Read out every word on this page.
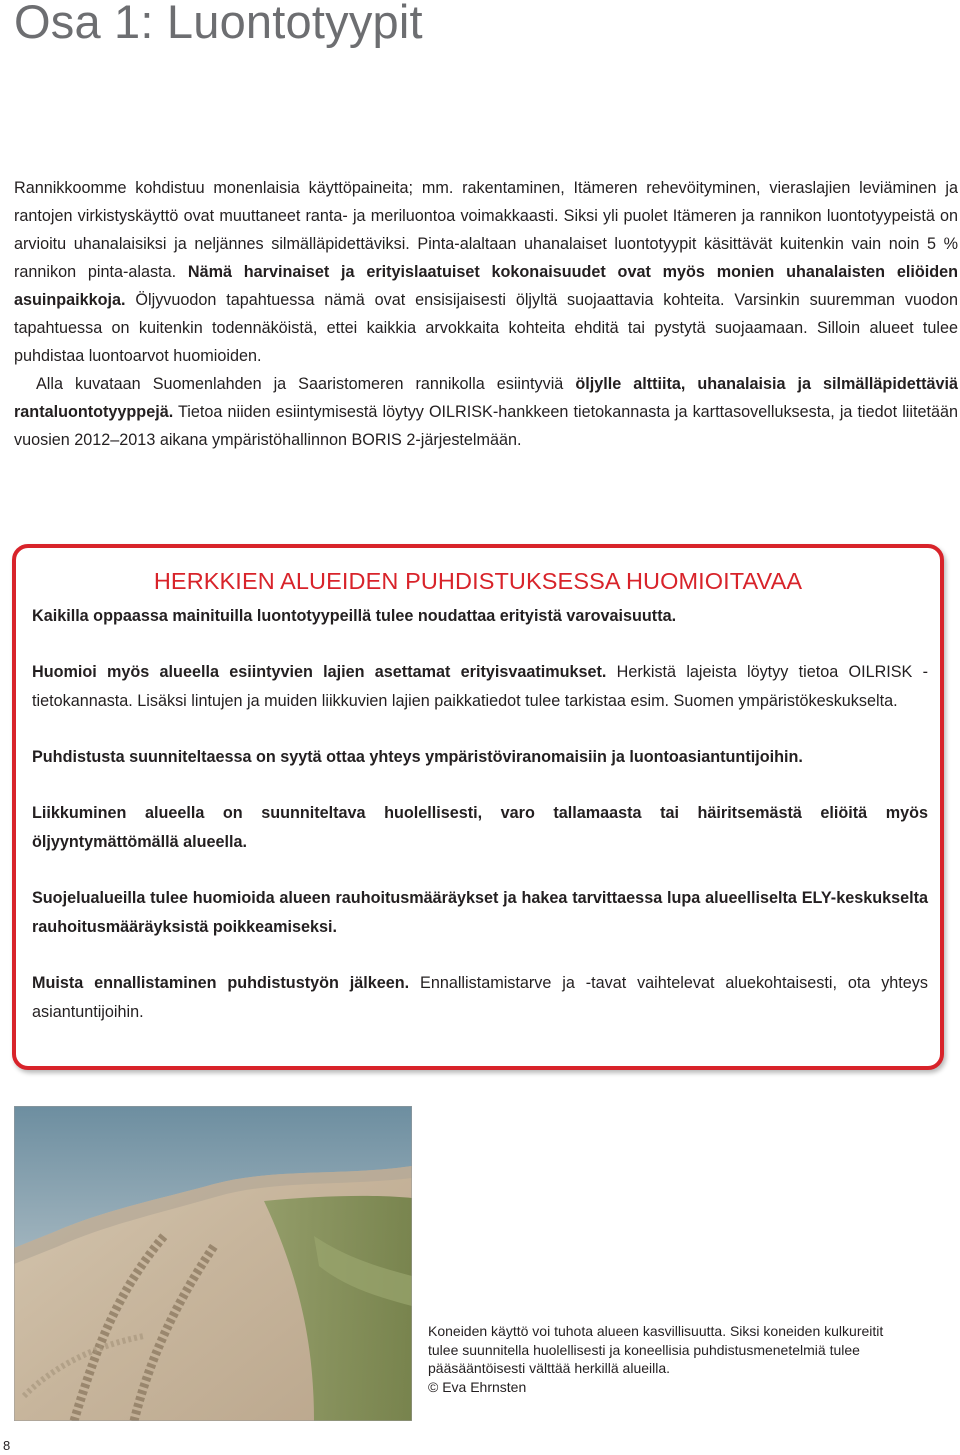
Osa 1: Luontotyypit

Rannikkoomme kohdistuu monenlaisia käyttöpaineita; mm. rakentaminen, Itämeren rehevöityminen, vieraslajien leviäminen ja rantojen virkistyskäyttö ovat muuttaneet ranta- ja meriluontoa voimakkaasti. Siksi yli puolet Itämeren ja rannikon luontotyypeistä on arvioitu uhanalaisiksi ja neljännes silmälläpidettäviksi. Pinta-alaltaan uhanalaiset luontotyypit käsittävät kuitenkin vain noin 5 % rannikon pinta-alasta. Nämä harvinaiset ja erityislaatuiset kokonaisuudet ovat myös monien uhanalaisten eliöiden asuinpaikkoja. Öljyvuodon tapahtuessa nämä ovat ensisijaisesti öljyltä suojaattavia kohteita. Varsinkin suuremman vuodon tapahtuessa on kuitenkin todennäköistä, ettei kaikkia arvokkaita kohteita ehditä tai pystytä suojaamaan. Silloin alueet tulee puhdistaa luontoarvot huomioiden.

Alla kuvataan Suomenlahden ja Saaristomeren rannikolla esiintyviä öljylle alttiita, uhanalaisia ja silmälläpidettäviä rantaluontotyyppejä. Tietoa niiden esiintymisestä löytyy OILRISK-hankkeen tietokannasta ja karttasovelluksesta, ja tiedot liitetään vuosien 2012–2013 aikana ympäristöhallinnon BORIS 2-järjestelmään.

HERKKIEN ALUEIDEN PUHDISTUKSESSA HUOMIOITAVAA

Kaikilla oppaassa mainituilla luontotyypeillä tulee noudattaa erityistä varovaisuutta.

Huomioi myös alueella esiintyvien lajien asettamat erityisvaatimukset. Herkistä lajeista löytyy tietoa OILRISK -tietokannasta. Lisäksi lintujen ja muiden liikkuvien lajien paikkatiedot tulee tarkistaa esim. Suomen ympäristökeskukselta.

Puhdistusta suunniteltaessa on syytä ottaa yhteys ympäristöviranomaisiin ja luontoasiantuntijoihin.

Liikkuminen alueella on suunniteltava huolellisesti, varo tallamaasta tai häiritsemästä eliöitä myös öljyyntymättömällä alueella.

Suojelualueilla tulee huomioida alueen rauhoitusmääräykset ja hakea tarvittaessa lupa alueelliselta ELY-keskukselta rauhoitusmääräyksistä poikkeamiseksi.

Muista ennallistaminen puhdistustyön jälkeen. Ennallistamistarve ja -tavat vaihtelevat aluekohtaisesti, ota yhteys asiantuntijoihin.

Koneiden käyttö voi tuhota alueen kasvillisuutta. Siksi koneiden kulkureitit tulee suunnitella huolellisesti ja koneellisia puhdistusmenetelmiä tulee pääsääntöisesti välttää herkillä alueilla.

© Eva Ehrnsten

8
